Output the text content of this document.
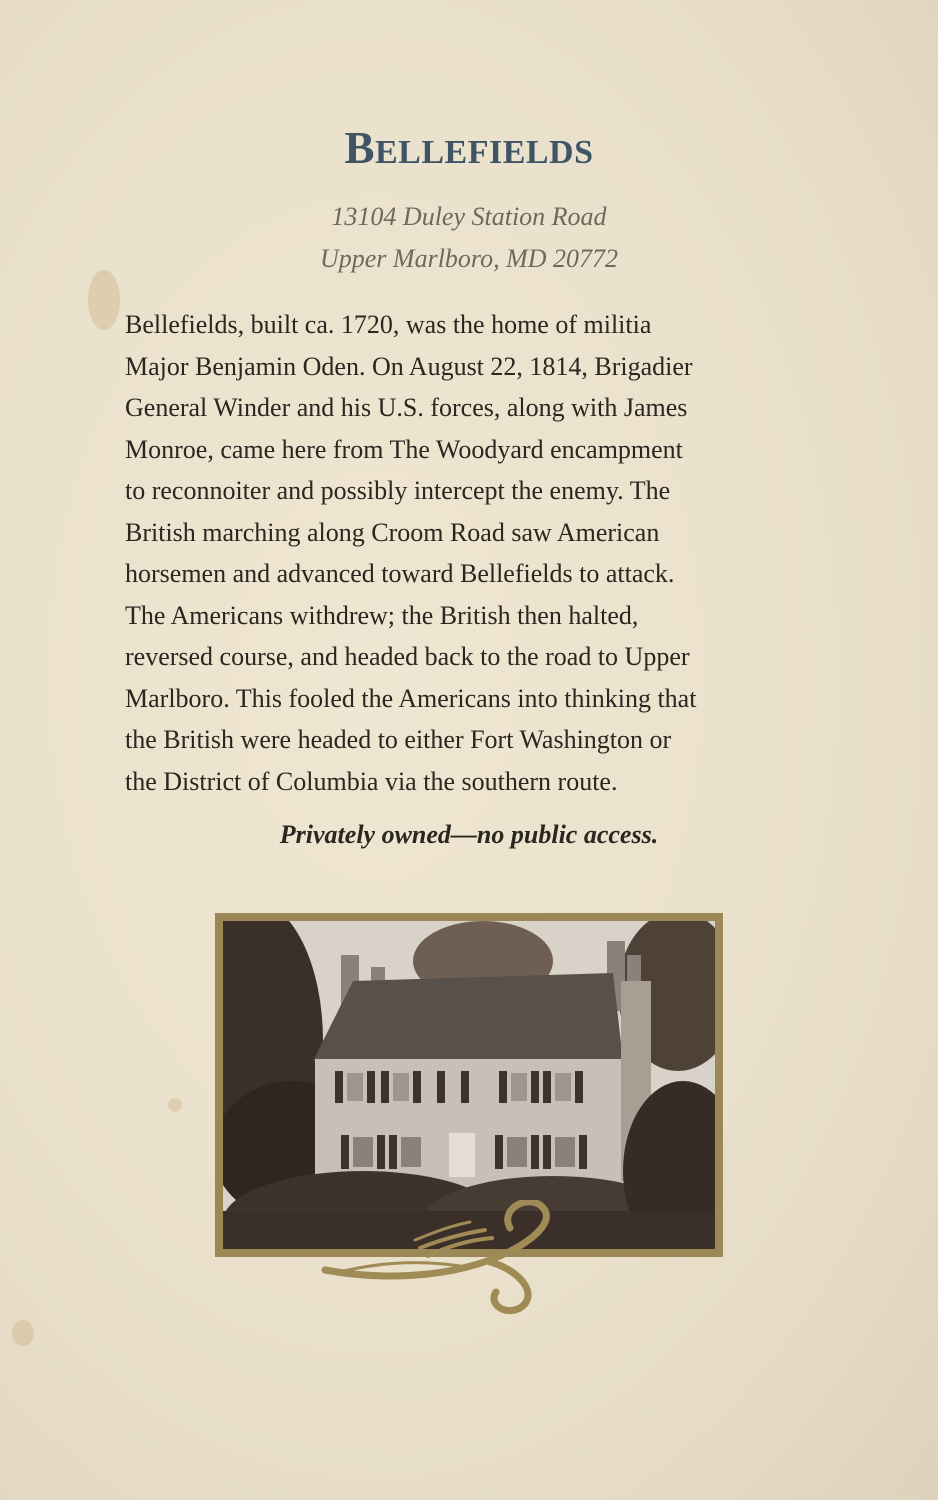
BELLEFIELDS
13104 Duley Station Road
Upper Marlboro, MD 20772
Bellefields, built ca. 1720, was the home of militia
Major Benjamin Oden. On August 22, 1814, Brigadier
General Winder and his U.S. forces, along with James
Monroe, came here from The Woodyard encampment
to reconnoiter and possibly intercept the enemy. The
British marching along Croom Road saw American
horsemen and advanced toward Bellefields to attack.
The Americans withdrew; the British then halted,
reversed course, and headed back to the road to Upper
Marlboro. This fooled the Americans into thinking that
the British were headed to either Fort Washington or
the District of Columbia via the southern route.
Privately owned—no public access.
